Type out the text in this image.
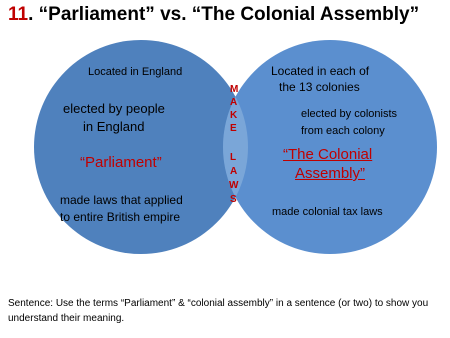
11. “Parliament” vs. “The Colonial Assembly”
Located in England
elected by people
in England
“Parliament”
made laws that applied
to entire British empire
Located in each of
the 13 colonies
elected by colonists
from each colony
“The Colonial
Assembly”
made colonial tax laws
M
A
K
E
L
A
W
S
Sentence: Use the terms “Parliament” & “colonial assembly” in a sentence (or two) to show you understand their meaning.
